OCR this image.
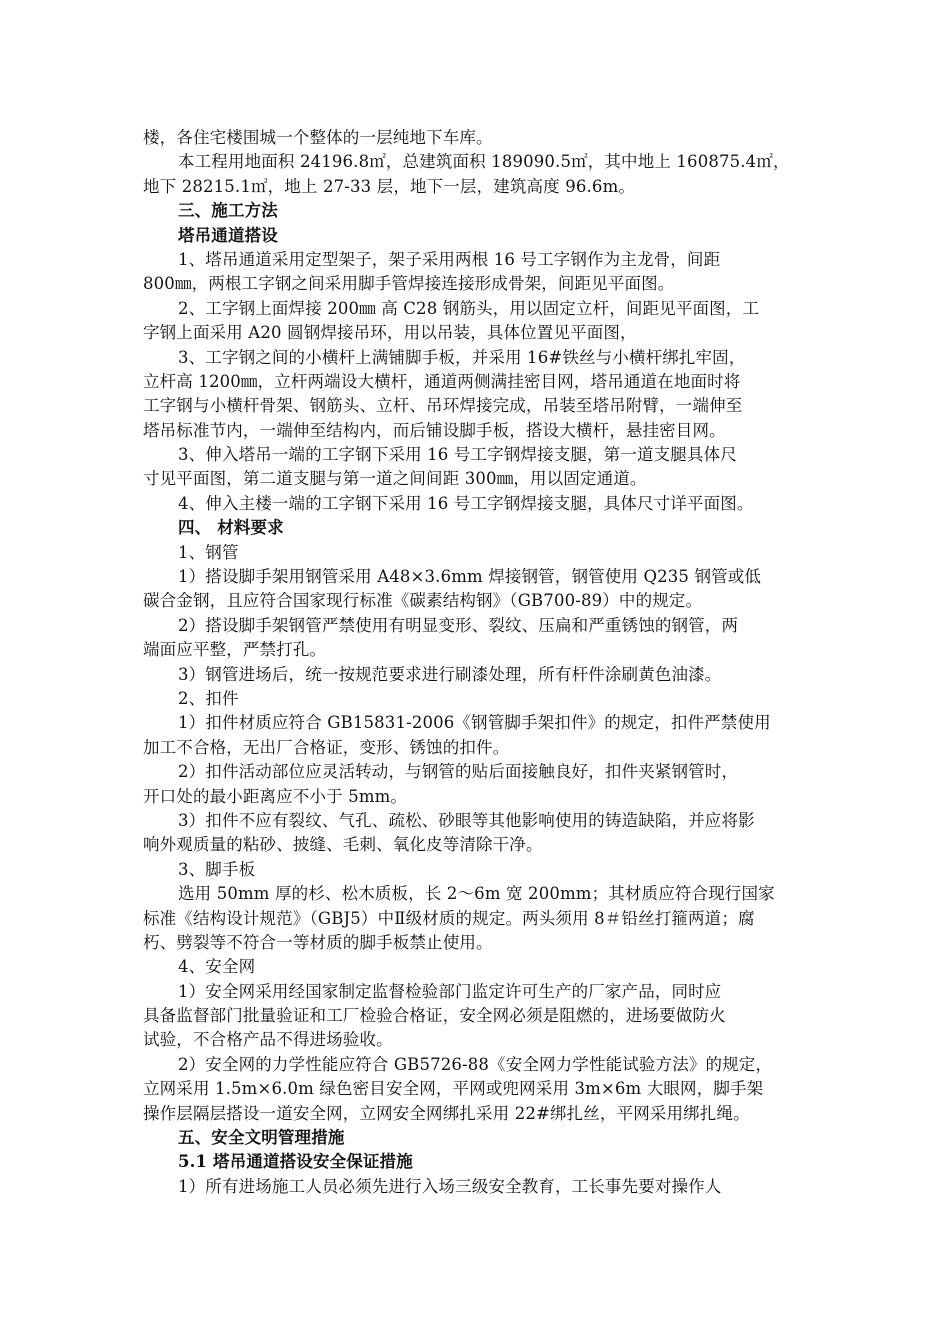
楼，各住宅楼围城一个整体的一层纯地下车库。
本工程用地面积 24196.8㎡，总建筑面积 189090.5㎡，其中地上 160875.4㎡，
地下 28215.1㎡，地上 27-33 层，地下一层，建筑高度 96.6m。
三、施工方法
塔吊通道搭设
1、塔吊通道采用定型架子，架子采用两根 16 号工字钢作为主龙骨，间距
800㎜，两根工字钢之间采用脚手管焊接连接形成骨架，间距见平面图。
2、工字钢上面焊接 200㎜ 高 C28 钢筋头，用以固定立杆，间距见平面图，工
字钢上面采用 A20 圆钢焊接吊环，用以吊装，具体位置见平面图，
3、工字钢之间的小横杆上满铺脚手板，并采用 16#铁丝与小横杆绑扎牢固，
立杆高 1200㎜，立杆两端设大横杆，通道两侧满挂密目网，塔吊通道在地面时将
工字钢与小横杆骨架、钢筋头、立杆、吊环焊接完成，吊装至塔吊附臂，一端伸至
塔吊标准节内，一端伸至结构内，而后铺设脚手板，搭设大横杆，悬挂密目网。
3、伸入塔吊一端的工字钢下采用 16 号工字钢焊接支腿，第一道支腿具体尺
寸见平面图，第二道支腿与第一道之间间距 300㎜，用以固定通道。
4、伸入主楼一端的工字钢下采用 16 号工字钢焊接支腿，具体尺寸详平面图。
四、 材料要求
1、钢管
1）搭设脚手架用钢管采用 A48×3.6mm 焊接钢管，钢管使用 Q235 钢管或低
碳合金钢，且应符合国家现行标准《碳素结构钢》（GB700-89）中的规定。
2）搭设脚手架钢管严禁使用有明显变形、裂纹、压扁和严重锈蚀的钢管，两
端面应平整，严禁打孔。
3）钢管进场后，统一按规范要求进行刷漆处理，所有杆件涂刷黄色油漆。
2、扣件
1）扣件材质应符合 GB15831-2006《钢管脚手架扣件》的规定，扣件严禁使用
加工不合格，无出厂合格证，变形、锈蚀的扣件。
2）扣件活动部位应灵活转动，与钢管的贴后面接触良好，扣件夹紧钢管时，
开口处的最小距离应不小于 5mm。
3）扣件不应有裂纹、气孔、疏松、砂眼等其他影响使用的铸造缺陷，并应将影
响外观质量的粘砂、披缝、毛刺、氧化皮等清除干净。
3、脚手板
选用 50mm 厚的杉、松木质板，长 2～6m 宽 200mm；其材质应符合现行国家
标准《结构设计规范》（GBJ5）中Ⅱ级材质的规定。两头须用 8＃铅丝打箍两道；腐
朽、劈裂等不符合一等材质的脚手板禁止使用。
4、安全网
1）安全网采用经国家制定监督检验部门监定许可生产的厂家产品，同时应
具备监督部门批量验证和工厂检验合格证，安全网必须是阻燃的，进场要做防火
试验，不合格产品不得进场验收。
2）安全网的力学性能应符合 GB5726-88《安全网力学性能试验方法》的规定，
立网采用 1.5m×6.0m 绿色密目安全网，平网或兜网采用 3m×6m 大眼网，脚手架
操作层隔层搭设一道安全网，立网安全网绑扎采用 22#绑扎丝，平网采用绑扎绳。
五、安全文明管理措施
5.1 塔吊通道搭设安全保证措施
1）所有进场施工人员必须先进行入场三级安全教育，工长事先要对操作人
